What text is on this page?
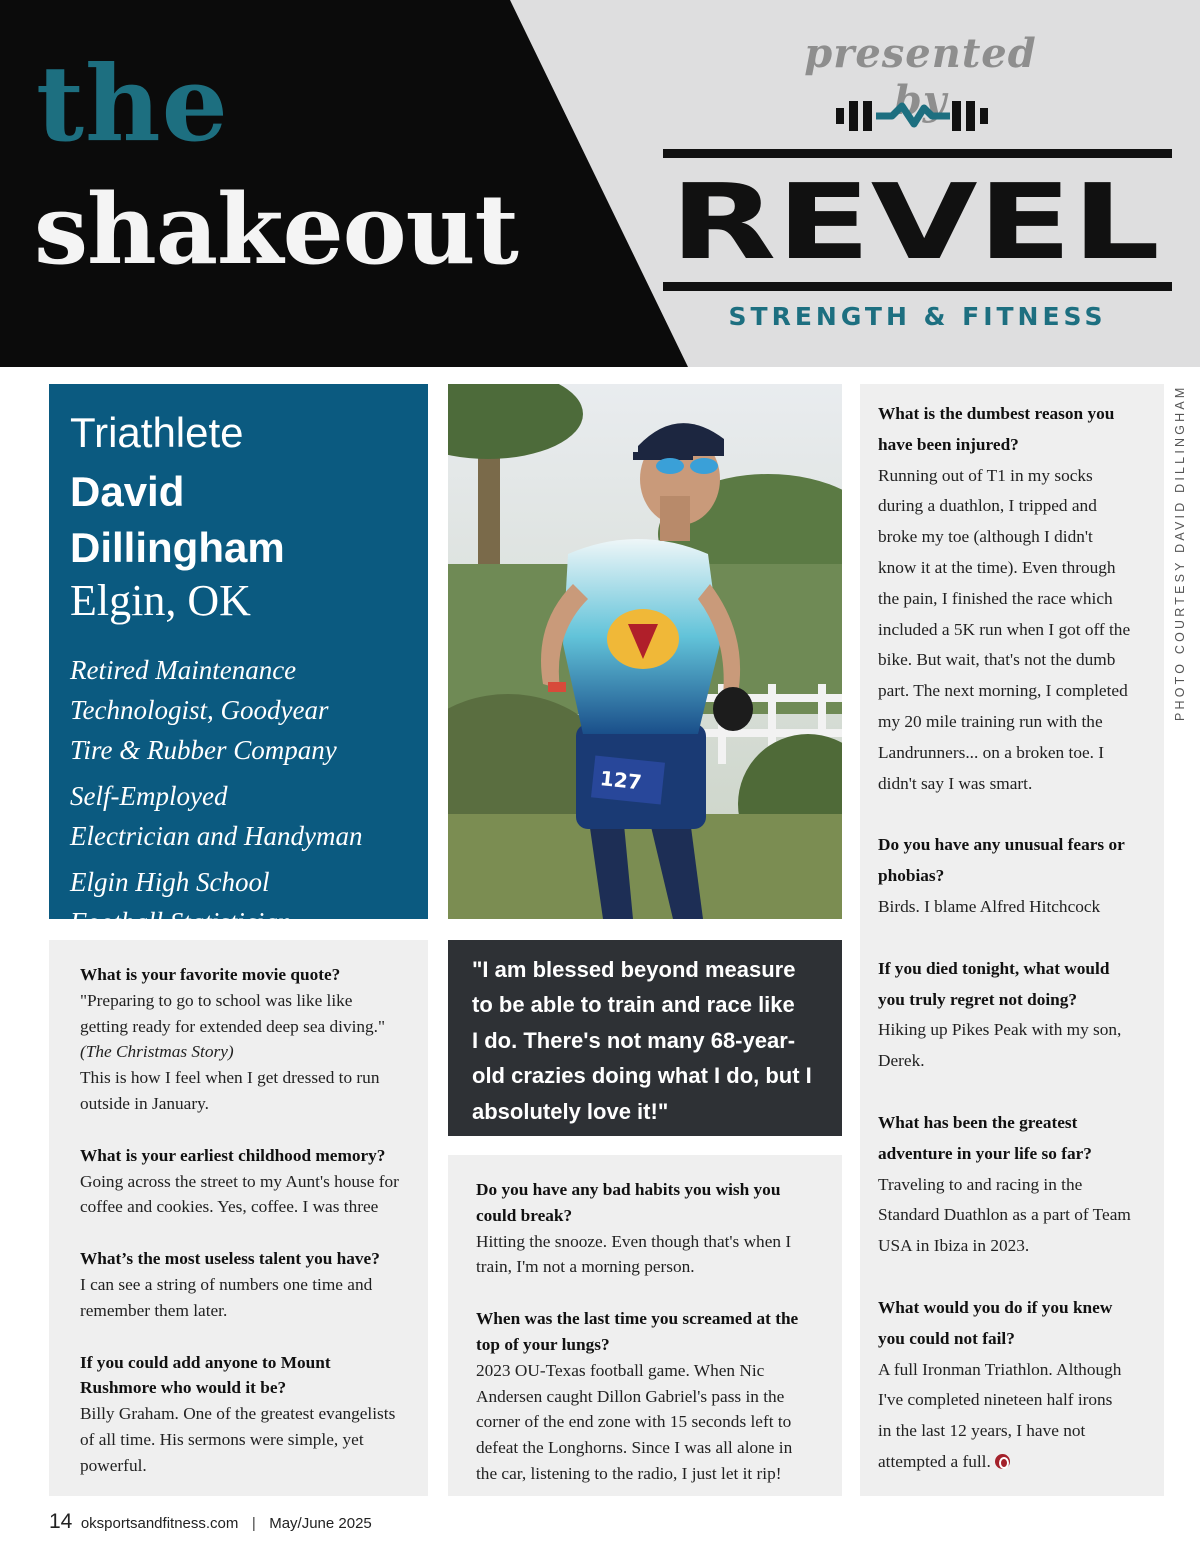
the
shakeout
presented by
REVEL
STRENGTH & FITNESS
Triathlete
David Dillingham
Elgin, OK
Retired Maintenance
Technologist, Goodyear
Tire & Rubber Company
Self-Employed
Electrician and Handyman
Elgin High School
Football Statistician
127
"I am blessed beyond measure
to be able to train and race like
I do. There's not many 68-year-
old crazies doing what I do, but I
absolutely love it!"
What is your favorite movie quote?
"Preparing to go to school was like like
getting ready for extended deep sea diving."
(The Christmas Story)
This is how I feel when I get dressed to run
outside in January.
What is your earliest childhood memory?
Going across the street to my Aunt's house for
coffee and cookies. Yes, coffee. I was three
What’s the most useless talent you have?
I can see a string of numbers one time and
remember them later.
If you could add anyone to Mount
Rushmore who would it be?
Billy Graham. One of the greatest evangelists
of all time. His sermons were simple, yet
powerful.
Do you have any bad habits you wish you
could break?
Hitting the snooze. Even though that's when I
train, I'm not a morning person.
When was the last time you screamed at the
top of your lungs?
2023 OU-Texas football game. When Nic
Andersen caught Dillon Gabriel's pass in the
corner of the end zone with 15 seconds left to
defeat the Longhorns. Since I was all alone in
the car, listening to the radio, I just let it rip!
What is the dumbest reason you
have been injured?
Running out of T1 in my socks
during a duathlon, I tripped and
broke my toe (although I didn't
know it at the time). Even through
the pain, I finished the race which
included a 5K run when I got off the
bike. But wait, that's not the dumb
part. The next morning, I completed
my 20 mile training run with the
Landrunners... on a broken toe. I
didn't say I was smart.
Do you have any unusual fears or
phobias?
Birds. I blame Alfred Hitchcock
If you died tonight, what would
you truly regret not doing?
Hiking up Pikes Peak with my son,
Derek.
What has been the greatest
adventure in your life so far?
Traveling to and racing in the
Standard Duathlon as a part of Team
USA in Ibiza in 2023.
What would you do if you knew
you could not fail?
A full Ironman Triathlon. Although
I've completed nineteen half irons
in the last 12 years, I have not
attempted a full.
PHOTO COURTESY DAVID DILLINGHAM
14 oksportsandfitness.com | May/June 2025
